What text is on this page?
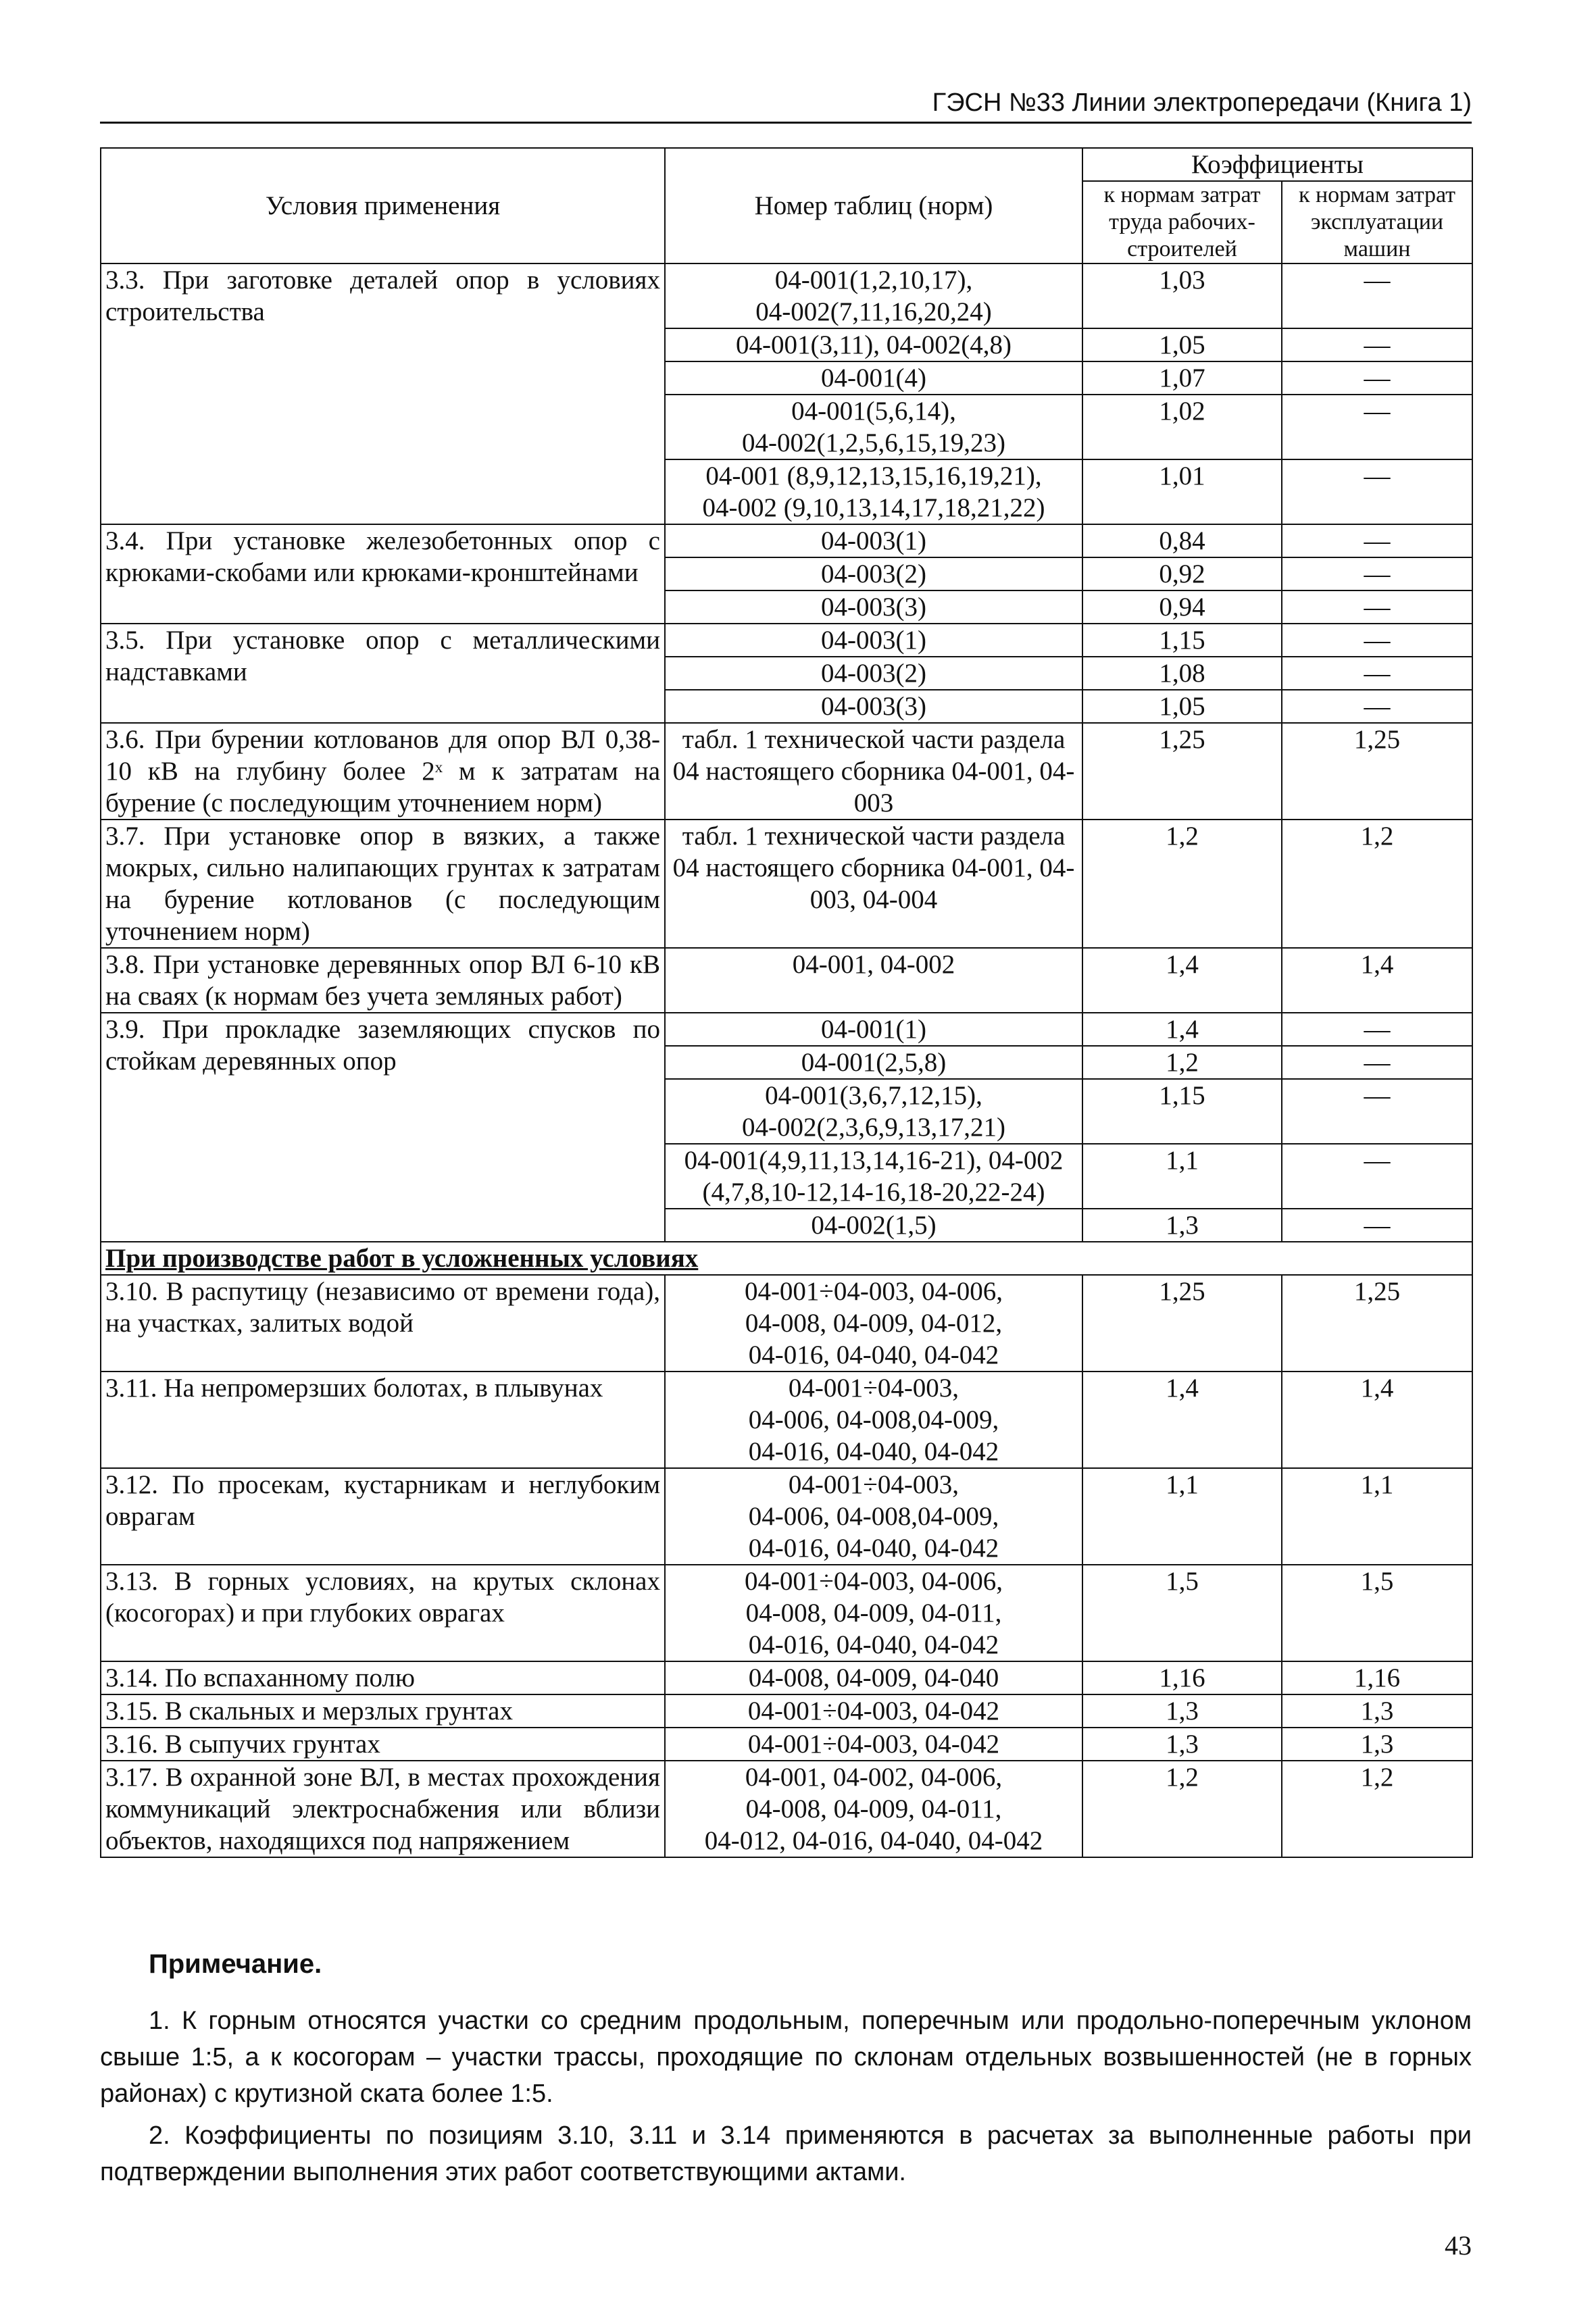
ГЭСН №33 Линии электропередачи (Книга 1)
Условия применения	Номер таблиц (норм)	Коэффициенты	
		к нормам затрат труда рабочих-строителей	к нормам затрат эксплуатации машин
3.3. При заготовке деталей опор в условиях строительства	04-001(1,2,10,17),
04-002(7,11,16,20,24)	1,03	—
	04-001(3,11), 04-002(4,8)	1,05	—
	04-001(4)	1,07	—
	04-001(5,6,14),
04-002(1,2,5,6,15,19,23)	1,02	—
	04-001 (8,9,12,13,15,16,19,21),
04-002 (9,10,13,14,17,18,21,22)	1,01	—
3.4. При установке железобетонных опор с крюками-скобами или крюками-кронштейнами	04-003(1)	0,84	—
	04-003(2)	0,92	—
	04-003(3)	0,94	—
3.5. При установке опор с металлическими надставками	04-003(1)	1,15	—
	04-003(2)	1,08	—
	04-003(3)	1,05	—
3.6. При бурении котлованов для опор ВЛ 0,38-10 кВ на глубину более 2ˣ м к затратам на бурение (с последующим уточнением норм)	табл. 1 технической части раздела 04 настоящего сборника 04-001, 04-003	1,25	1,25
3.7. При установке опор в вязких, а также мокрых, сильно налипающих грунтах к затратам на бурение котлованов (с последующим уточнением норм)	табл. 1 технической части раздела 04 настоящего сборника 04-001, 04-003, 04-004	1,2	1,2
3.8. При установке деревянных опор ВЛ 6-10 кВ на сваях (к нормам без учета земляных работ)	04-001, 04-002	1,4	1,4
3.9. При прокладке заземляющих спусков по стойкам деревянных опор	04-001(1)	1,4	—
	04-001(2,5,8)	1,2	—
	04-001(3,6,7,12,15),
04-002(2,3,6,9,13,17,21)	1,15	—
	04-001(4,9,11,13,14,16-21), 04-002 (4,7,8,10-12,14-16,18-20,22-24)	1,1	—
	04-002(1,5)	1,3	—
При производстве работ в усложненных условиях			
3.10. В распутицу (независимо от времени года), на участках, залитых водой	04-001÷04-003, 04-006,
04-008, 04-009, 04-012,
04-016, 04-040, 04-042	1,25	1,25
3.11. На непромерзших болотах, в плывунах	04-001÷04-003,
04-006, 04-008,04-009,
04-016, 04-040, 04-042	1,4	1,4
3.12. По просекам, кустарникам и неглубоким оврагам	04-001÷04-003,
04-006, 04-008,04-009,
04-016, 04-040, 04-042	1,1	1,1
3.13. В горных условиях, на крутых склонах (косогорах) и при глубоких оврагах	04-001÷04-003, 04-006,
04-008, 04-009, 04-011,
04-016, 04-040, 04-042	1,5	1,5
3.14. По вспаханному полю	04-008, 04-009, 04-040	1,16	1,16
3.15. В скальных и мерзлых грунтах	04-001÷04-003, 04-042	1,3	1,3
3.16. В сыпучих грунтах	04-001÷04-003, 04-042	1,3	1,3
3.17. В охранной зоне ВЛ, в местах прохождения коммуникаций электроснабжения или вблизи объектов, находящихся под напряжением	04-001, 04-002, 04-006,
04-008, 04-009, 04-011,
04-012, 04-016, 04-040, 04-042	1,2	1,2
Примечание.

1. К горным относятся участки со средним продольным, поперечным или продольно-поперечным уклоном свыше 1:5, а к косогорам – участки трассы, проходящие по склонам отдельных возвышенностей (не в горных районах) с крутизной ската более 1:5.

2. Коэффициенты по позициям 3.10, 3.11 и 3.14 применяются в расчетах за выполненные работы при подтверждении выполнения этих работ соответствующими актами.

43
